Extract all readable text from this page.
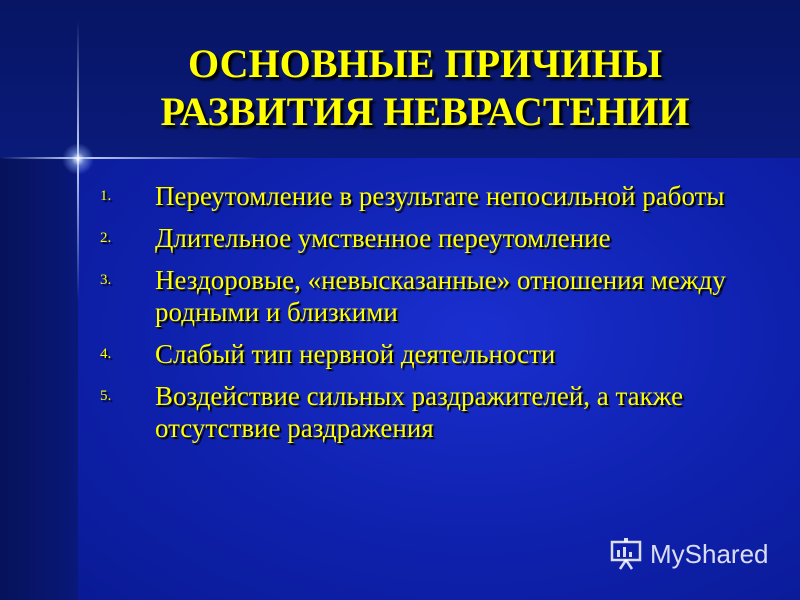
ОСНОВНЫЕ ПРИЧИНЫ
РАЗВИТИЯ НЕВРАСТЕНИИ
1.	Переутомление в результате непосильной работы
2.	Длительное умственное переутомление
3.	Нездоровые, «невысказанные» отношения между родными и близкими
4.	Слабый тип нервной деятельности
5.	Воздействие сильных раздражителей, а также отсутствие раздражения
MyShared
